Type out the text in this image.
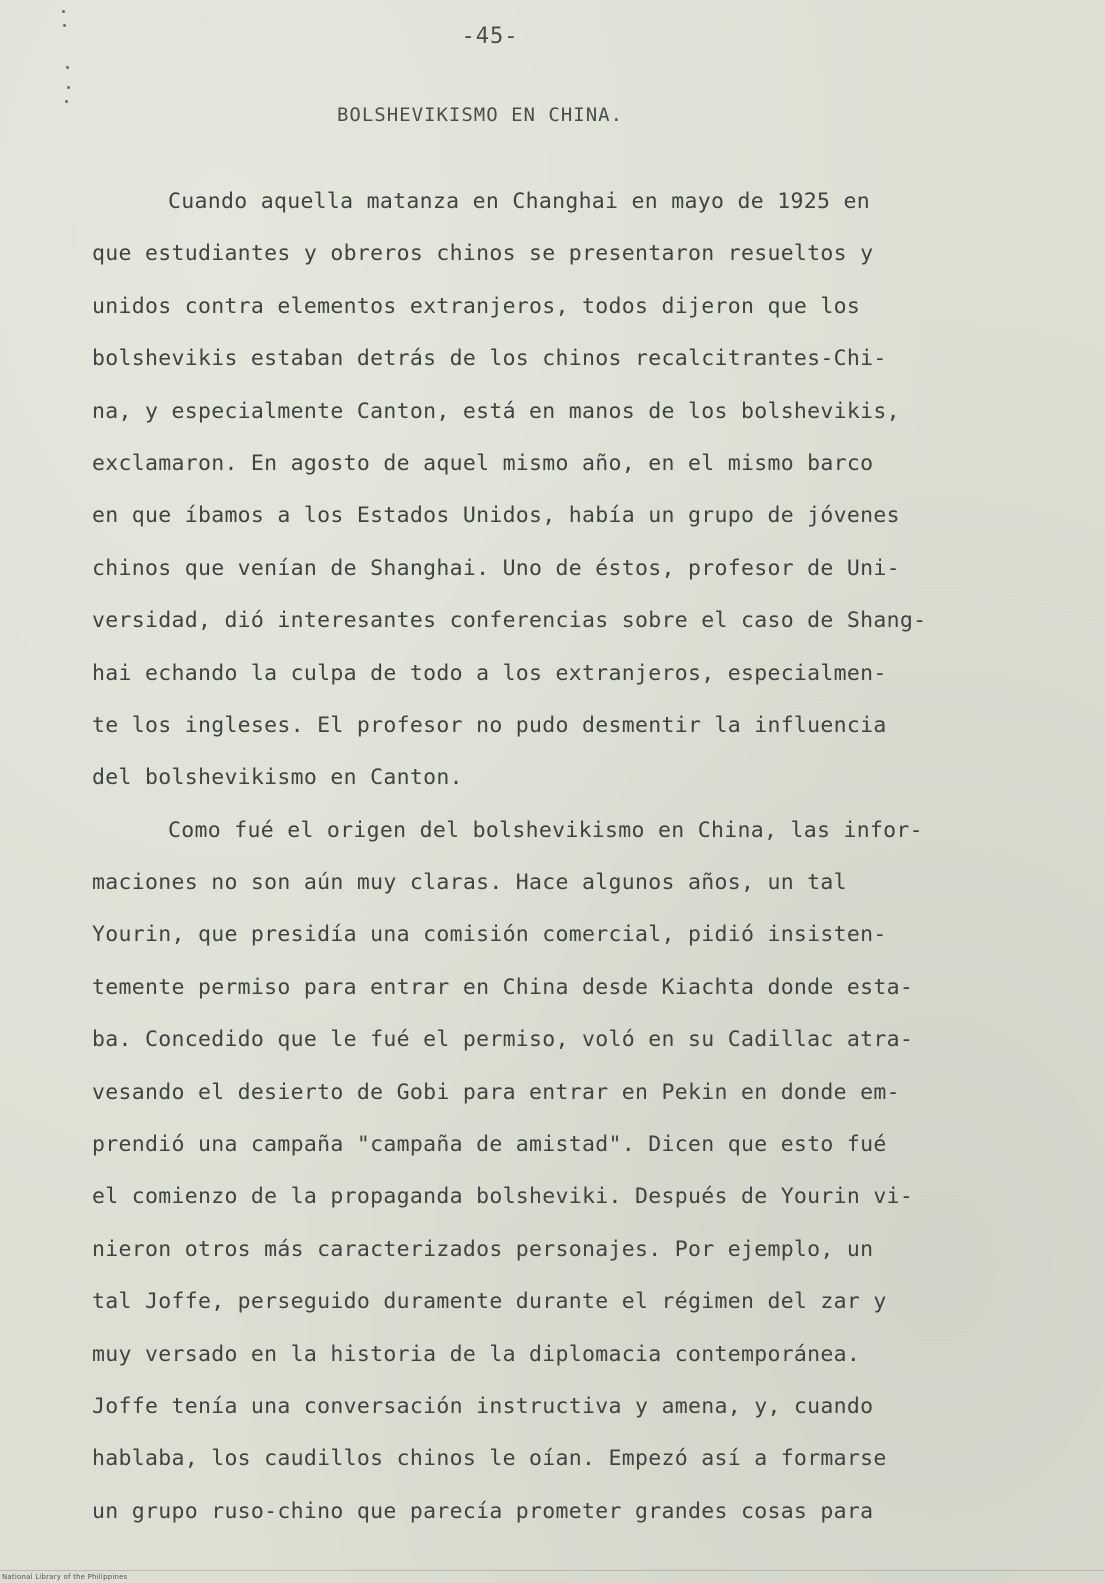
-45-
BOLSHEVIKISMO EN CHINA.
Cuando aquella matanza en Changhai en mayo de 1925 en
que estudiantes y obreros chinos se presentaron resueltos y
unidos contra elementos extranjeros, todos dijeron que los
bolshevikis estaban detrás de los chinos recalcitrantes-Chi-
na, y especialmente Canton, está en manos de los bolshevikis,
exclamaron. En agosto de aquel mismo año, en el mismo barco
en que íbamos a los Estados Unidos, había un grupo de jóvenes
chinos que venían de Shanghai. Uno de éstos, profesor de Uni-
versidad, dió interesantes conferencias sobre el caso de Shang-
hai echando la culpa de todo a los extranjeros, especialmen-
te los ingleses. El profesor no pudo desmentir la influencia
del bolshevikismo en Canton.
Como fué el origen del bolshevikismo en China, las infor-
maciones no son aún muy claras. Hace algunos años, un tal
Yourin, que presidía una comisión comercial, pidió insisten-
temente permiso para entrar en China desde Kiachta donde esta-
ba. Concedido que le fué el permiso, voló en su Cadillac atra-
vesando el desierto de Gobi para entrar en Pekin en donde em-
prendió una campaña "campaña de amistad". Dicen que esto fué
el comienzo de la propaganda bolsheviki. Después de Yourin vi-
nieron otros más caracterizados personajes. Por ejemplo, un
tal Joffe, perseguido duramente durante el régimen del zar y
muy versado en la historia de la diplomacia contemporánea.
Joffe tenía una conversación instructiva y amena, y, cuando
hablaba, los caudillos chinos le oían. Empezó así a formarse
un grupo ruso-chino que parecía prometer grandes cosas para
National Library of the Philippines
